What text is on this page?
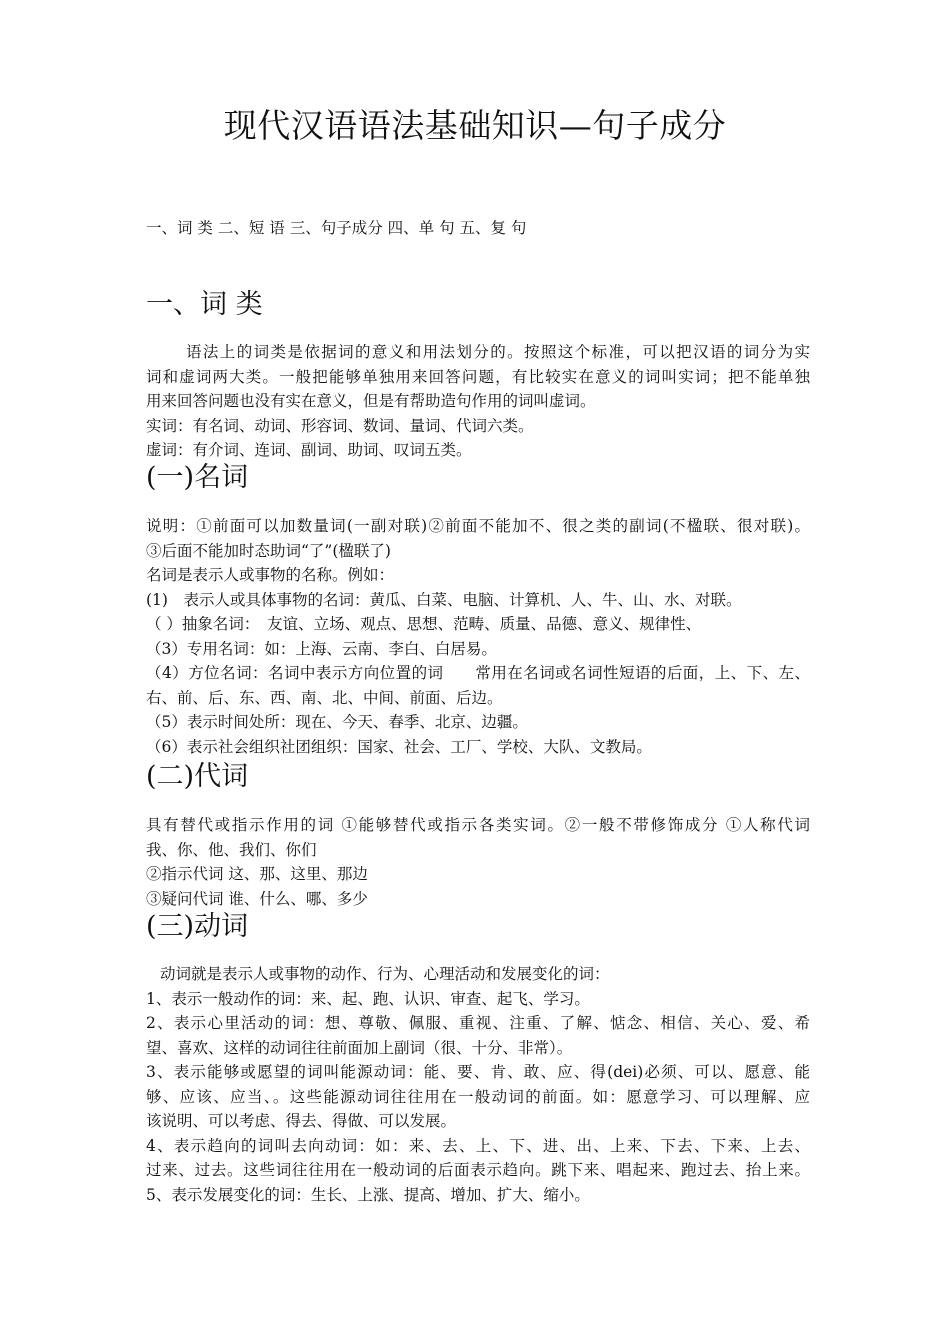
现代汉语语法基础知识—句子成分
一、词 类 二、短 语 三、句子成分 四、单 句 五、复 句
一、词 类

语法上的词类是依据词的意义和用法划分的。按照这个标准，可以把汉语的词分为实

词和虚词两大类。一般把能够单独用来回答问题，有比较实在意义的词叫实词；把不能单独

用来回答问题也没有实在意义，但是有帮助造句作用的词叫虚词。

实词：有名词、动词、形容词、数词、量词、代词六类。

虚词：有介词、连词、副词、助词、叹词五类。

(一)名词

说明：①前面可以加数量词(一副对联)②前面不能加不、很之类的副词(不楹联、很对联)。

③后面不能加时态助词“了”(楹联了)

名词是表示人或事物的名称。例如：

(1)　表示人或具体事物的名词：黄瓜、白菜、电脑、计算机、人、牛、山、水、对联。

（ ）抽象名词：　友谊、立场、观点、思想、范畴、质量、品德、意义、规律性、

（3）专用名词：如：上海、云南、李白、白居易。

（4）方位名词：名词中表示方向位置的词　　常用在名词或名词性短语的后面，上、下、左、

右、前、后、东、西、南、北、中间、前面、后边。

（5）表示时间处所：现在、今天、春季、北京、边疆。

（6）表示社会组织社团组织：国家、社会、工厂、学校、大队、文教局。

(二)代词

具有替代或指示作用的词 ①能够替代或指示各类实词。②一般不带修饰成分 ①人称代词

我、你、他、我们、你们

②指示代词 这、那、这里、那边

③疑问代词 谁、什么、哪、多少

(三)动词

动词就是表示人或事物的动作、行为、心理活动和发展变化的词：

1、表示一般动作的词：来、起、跑、认识、审查、起飞、学习。

2、表示心里活动的词：想、尊敬、佩服、重视、注重、了解、惦念、相信、关心、爱、希

望、喜欢、这样的动词往往前面加上副词（很、十分、非常）。

3、表示能够或愿望的词叫能源动词：能、要、肯、敢、应、得(dei)必须、可以、愿意、能

够、应该、应当、。这些能源动词往往用在一般动词的前面。如：愿意学习、可以理解、应

该说明、可以考虑、得去、得做、可以发展。

4、表示趋向的词叫去向动词：如：来、去、上、下、进、出、上来、下去、下来、上去、

过来、过去。这些词往往用在一般动词的后面表示趋向。跳下来、唱起来、跑过去、抬上来。

5、表示发展变化的词：生长、上涨、提高、增加、扩大、缩小。
